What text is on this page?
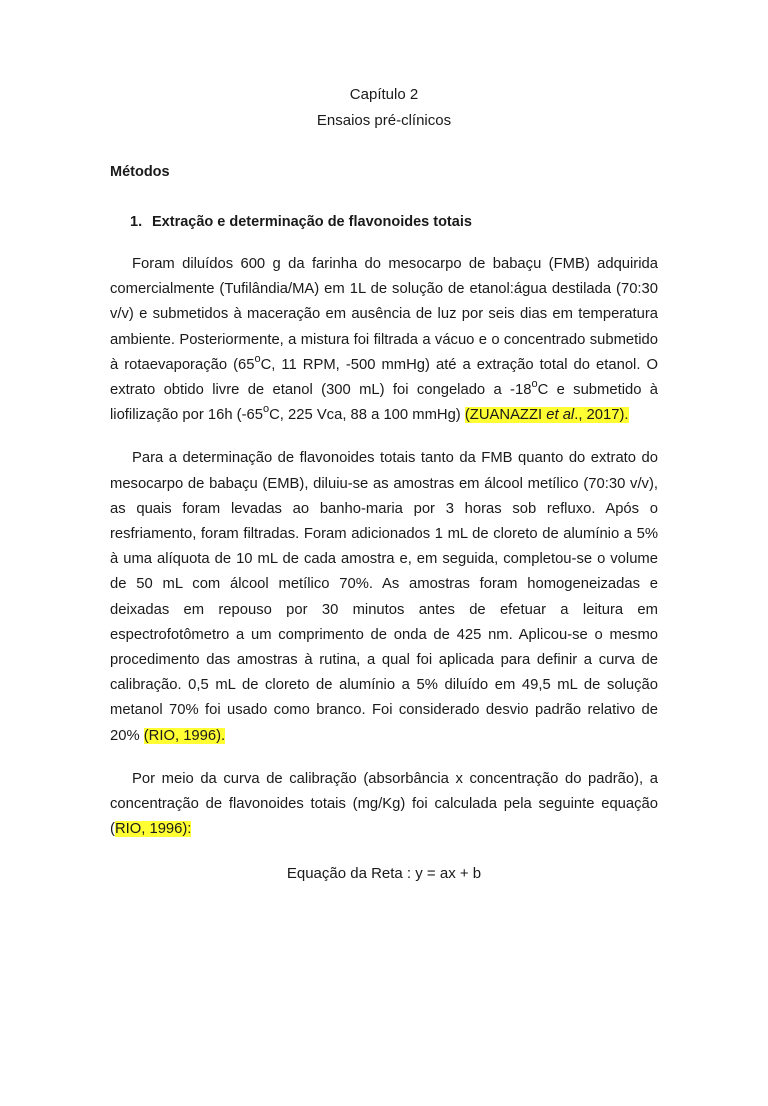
Capítulo 2
Ensaios pré-clínicos
Métodos
1. Extração e determinação de flavonoides totais

Foram diluídos 600 g da farinha do mesocarpo de babaçu (FMB) adquirida comercialmente (Tufilândia/MA) em 1L de solução de etanol:água destilada (70:30 v/v) e submetidos à maceração em ausência de luz por seis dias em temperatura ambiente. Posteriormente, a mistura foi filtrada a vácuo e o concentrado submetido à rotaevaporação (65$^o$C, 11 RPM, -500 mmHg) até a extração total do etanol. O extrato obtido livre de etanol (300 mL) foi congelado a -18$^o$C e submetido à liofilização por 16h (-65$^o$C, 225 Vca, 88 a 100 mmHg) (ZUANAZZI et al., 2017).

Para a determinação de flavonoides totais tanto da FMB quanto do extrato do mesocarpo de babaçu (EMB), diluiu-se as amostras em álcool metílico (70:30 v/v), as quais foram levadas ao banho-maria por 3 horas sob refluxo. Após o resfriamento, foram filtradas. Foram adicionados 1 mL de cloreto de alumínio a 5% à uma alíquota de 10 mL de cada amostra e, em seguida, completou-se o volume de 50 mL com álcool metílico 70%. As amostras foram homogeneizadas e deixadas em repouso por 30 minutos antes de efetuar a leitura em espectrofotômetro a um comprimento de onda de 425 nm. Aplicou-se o mesmo procedimento das amostras à rutina, a qual foi aplicada para definir a curva de calibração. 0,5 mL de cloreto de alumínio a 5% diluído em 49,5 mL de solução metanol 70% foi usado como branco. Foi considerado desvio padrão relativo de 20% (RIO, 1996).

Por meio da curva de calibração (absorbância x concentração do padrão), a concentração de flavonoides totais (mg/Kg) foi calculada pela seguinte equação (RIO, 1996):

Equação da Reta : y = ax + b
